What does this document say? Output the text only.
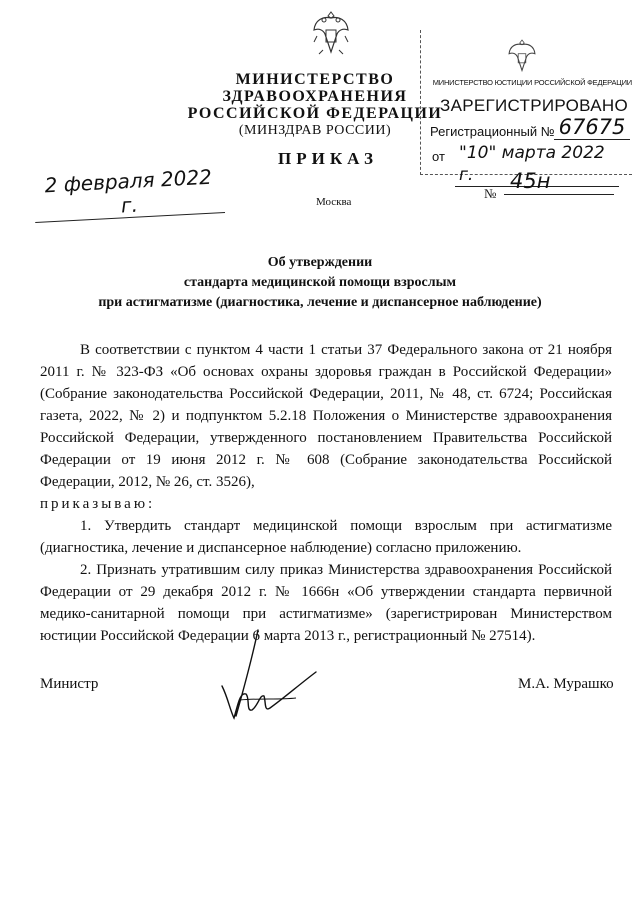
МИНИСТЕРСТВО ЗДРАВООХРАНЕНИЯ
РОССИЙСКОЙ ФЕДЕРАЦИИ
(МИНЗДРАВ РОССИИ)
МИНИСТЕРСТВО ЮСТИЦИИ РОССИЙСКОЙ ФЕДЕРАЦИИ
ЗАРЕГИСТРИРОВАНО
Регистрационный № 67675
от "10" марта 2022 г.
ПРИКАЗ
2 февраля 2022 г.	Москва
№
45н
Об утверждении
стандарта медицинской помощи взрослым
при астигматизме (диагностика, лечение и диспансерное наблюдение)

В соответствии с пунктом 4 части 1 статьи 37 Федерального закона от 21 ноября 2011 г. № 323-ФЗ «Об основах охраны здоровья граждан в Российской Федерации» (Собрание законодательства Российской Федерации, 2011, № 48, ст. 6724; Российская газета, 2022, № 2) и подпунктом 5.2.18 Положения о Министерстве здравоохранения Российской Федерации, утвержденного постановлением Правительства Российской Федерации от 19 июня 2012 г. № 608 (Собрание законодательства Российской Федерации, 2012, № 26, ст. 3526),

приказываю:

1. Утвердить стандарт медицинской помощи взрослым при астигматизме (диагностика, лечение и диспансерное наблюдение) согласно приложению.

2. Признать утратившим силу приказ Министерства здравоохранения Российской Федерации от 29 декабря 2012 г. № 1666н «Об утверждении стандарта первичной медико-санитарной помощи при астигматизме» (зарегистрирован Министерством юстиции Российской Федерации 6 марта 2013 г., регистрационный № 27514).

Министр	М.А. Мурашко
